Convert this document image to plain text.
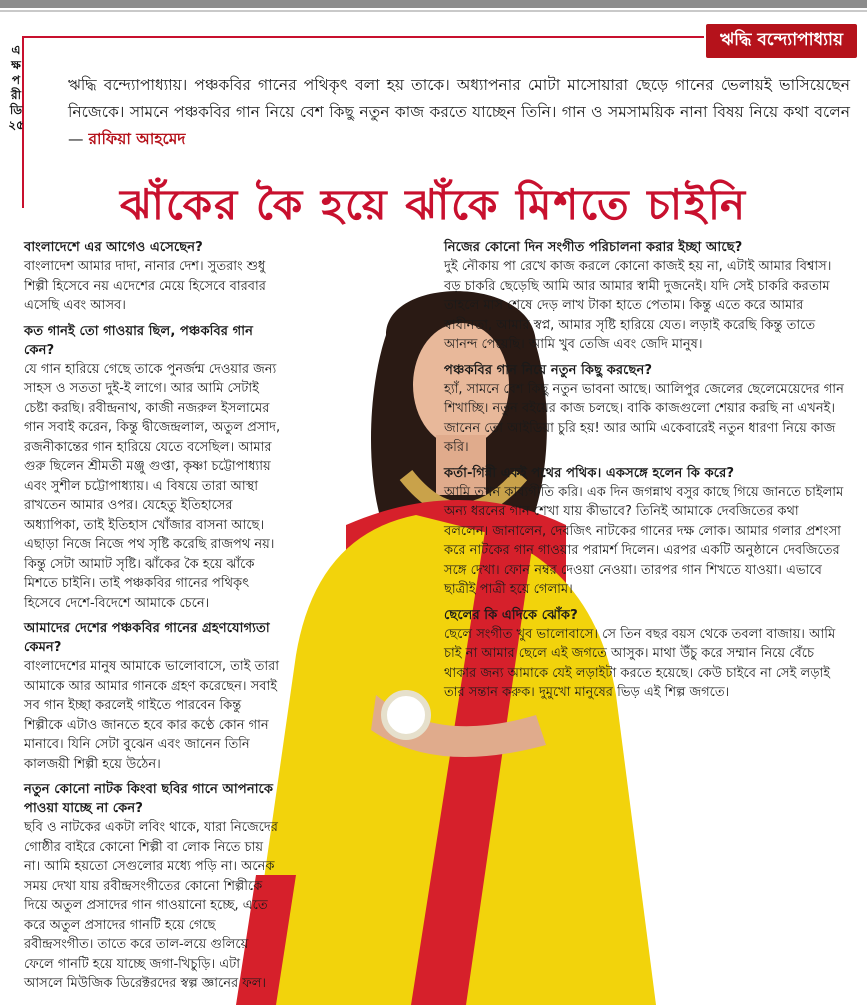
এ
ক্ষ
প
রী
ডি
২৫
ঋদ্ধি বন্দ্যোপাধ্যায়
ঋদ্ধি বন্দ্যোপাধ্যায়। পঞ্চকবির গানের পথিকৃৎ বলা হয় তাকে। অধ্যাপনার মোটা মাসোয়ারা ছেড়ে গানের ভেলায়ই ভাসিয়েছেন নিজেকে। সামনে পঞ্চকবির গান নিয়ে বেশ কিছু নতুন কাজ করতে যাচ্ছেন তিনি। গান ও সমসাময়িক নানা বিষয় নিয়ে কথা বলেন— রাফিয়া আহমেদ
ঝাঁকের কৈ হয়ে ঝাঁকে মিশতে চাইনি
বাংলাদেশে এর আগেও এসেছেন?

বাংলাদেশ আমার দাদা, নানার দেশ। সুতরাং শুধু শিল্পী হিসেবে নয় এদেশের মেয়ে হিসেবে বারবার এসেছি এবং আসব।

কত গানই তো গাওয়ার ছিল, পঞ্চকবির গান কেন?

যে গান হারিয়ে গেছে তাকে পুনর্জন্ম দেওয়ার জন্য সাহস ও সততা দুই-ই লাগে। আর আমি সেটাই চেষ্টা করছি। রবীন্দ্রনাথ, কাজী নজরুল ইসলামের গান সবাই করেন, কিন্তু দ্বীজেন্দ্রলাল, অতুল প্রসাদ, রজনীকান্তের গান হারিয়ে যেতে বসেছিল। আমার গুরু ছিলেন শ্রীমতী মঞ্জু গুপ্তা, কৃষ্ণা চট্টোপাধ্যায় এবং সুশীল চট্টোপাধ্যায়। এ বিষয়ে তারা আস্থা রাখতেন আমার ওপর। যেহেতু ইতিহাসের অধ্যাপিকা, তাই ইতিহাস খোঁজার বাসনা আছে। এছাড়া নিজে নিজে পথ সৃষ্টি করেছি রাজপথ নয়। কিন্তু সেটা আমাট সৃষ্টি। ঝাঁকের কৈ হয়ে ঝাঁকে মিশতে চাইনি। তাই পঞ্চকবির গানের পথিকৃৎ হিসেবে দেশে-বিদেশে আমাকে চেনে।

আমাদের দেশের পঞ্চকবির গানের গ্রহণযোগ্যতা কেমন?

বাংলাদেশের মানুষ আমাকে ভালোবাসে, তাই তারা আমাকে আর আমার গানকে গ্রহণ করেছেন। সবাই সব গান ইচ্ছা করলেই গাইতে পারবেন কিন্তু শিল্পীকে এটাও জানতে হবে কার কণ্ঠে কোন গান মানাবে। যিনি সেটা বুঝেন এবং জানেন তিনি কালজয়ী শিল্পী হয়ে উঠেন।

নতুন কোনো নাটক কিংবা ছবির গানে আপনাকে পাওয়া যাচ্ছে না কেন?

ছবি ও নাটকের একটা লবিং থাকে, যারা নিজেদের গোষ্ঠীর বাইরে কোনো শিল্পী বা লোক নিতে চায় না। আমি হয়তো সেগুলোর মধ্যে পড়ি না। অনেক সময় দেখা যায় রবীন্দ্রসংগীতের কোনো শিল্পীকে দিয়ে অতুল প্রসাদের গান গাওয়ানো হচ্ছে, এতে করে অতুল প্রসাদের গানটি হয়ে গেছে রবীন্দ্রসংগীত। তাতে করে তাল-লয়ে গুলিয়ে ফেলে গানটি হয়ে যাচ্ছে জগা-খিচুড়ি। এটা আসলে মিউজিক ডিরেক্টরদের স্বল্প জ্ঞানের ফল।

নিজের কোনো দিন সংগীত পরিচালনা করার ইচ্ছা আছে?

দুই নৌকায় পা রেখে কাজ করলে কোনো কাজই হয় না, এটাই আমার বিশ্বাস। বড় চাকরি ছেড়েছি আমি আর আমার স্বামী দুজনেই। যদি সেই চাকরি করতাম তাহলে মাস শেষে দেড় লাখ টাকা হাতে পেতাম। কিন্তু এতে করে আমার স্বাধীনতা, আমার স্বপ্ন, আমার সৃষ্টি হারিয়ে যেত। লড়াই করেছি কিন্তু তাতে আনন্দ পেয়েছি। আমি খুব তেজি এবং জেদি মানুষ।

পঞ্চকবির গান নিয়ে নতুন কিছু করছেন?

হ্যাঁ, সামনে বেশ কিছু নতুন ভাবনা আছে। আলিপুর জেলের ছেলেমেয়েদের গান শিখাচ্ছি। নতুন বইয়ের কাজ চলছে। বাকি কাজগুলো শেয়ার করছি না এখনই। জানেন তো আইডিয়া চুরি হয়! আর আমি একেবারেই নতুন ধারণা নিয়ে কাজ করি।

কর্তা-গিন্নী একই পথের পথিক। একসঙ্গে হলেন কি করে?

আমি তখন কাব্যগীতি করি। এক দিন জগন্নাথ বসুর কাছে গিয়ে জানতে চাইলাম অন্য ধরনের গান শেখা যায় কীভাবে? তিনিই আমাকে দেবজিতের কথা বললেন। জানালেন, দেবজিৎ নাটকের গানের দক্ষ লোক। আমার গলার প্রশংসা করে নাটকের গান গাওয়ার পরামর্শ দিলেন। এরপর একটি অনুষ্ঠানে দেবজিতের সঙ্গে দেখা। ফোন নম্বর দেওয়া নেওয়া। তারপর গান শিখতে যাওয়া। এভাবে ছাত্রীই পাত্রী হয়ে গেলাম।

ছেলের কি এদিকে ঝোঁক?

ছেলে সংগীত খুব ভালোবাসে। সে তিন বছর বয়স থেকে তবলা বাজায়। আমি চাই না আমার ছেলে এই জগতে আসুক। মাথা উঁচু করে সম্মান নিয়ে বেঁচে থাকার জন্য আমাকে যেই লড়াইটা করতে হয়েছে। কেউ চাইবে না সেই লড়াই তার সন্তান করুক। দুমুখো মানুষের ভিড় এই শিল্প জগতে।
